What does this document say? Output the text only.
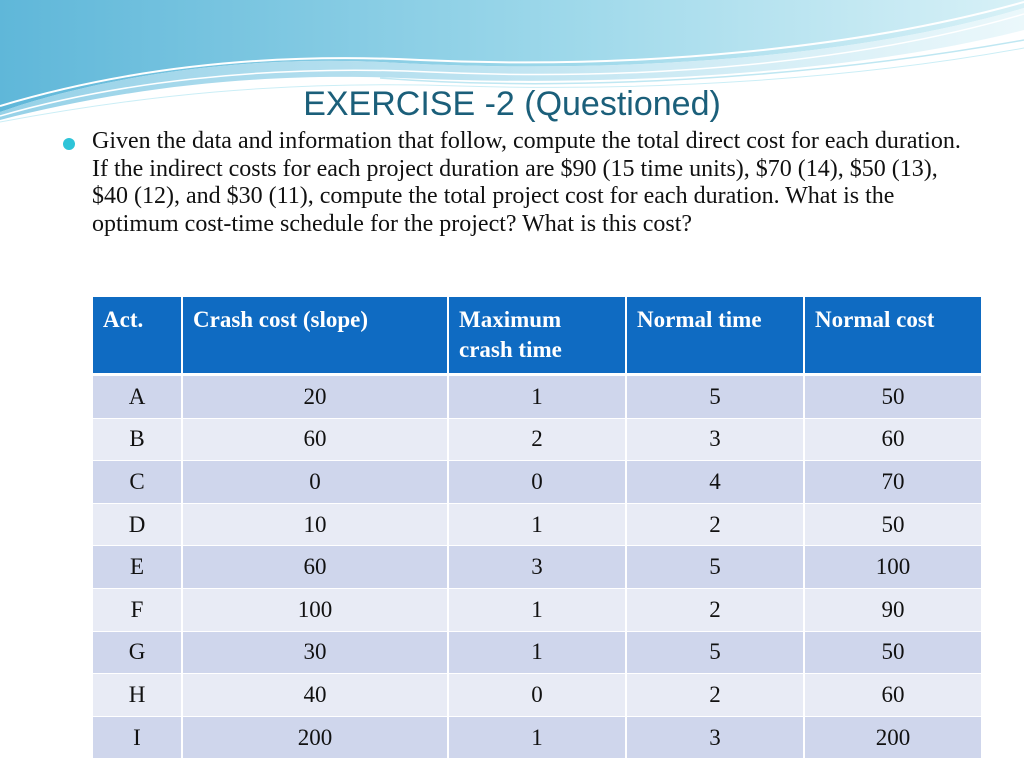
EXERCISE -2 (Questioned)
Given the data and information that follow, compute the total direct cost for each duration. If the indirect costs for each project duration are $90 (15 time units), $70 (14), $50 (13), $40 (12), and $30 (11), compute the total project cost for each duration. What is the optimum cost-time schedule for the project? What is this cost?
Act.	Crash cost (slope)	Maximum crash time	Normal time	Normal cost
A	20	1	5	50
B	60	2	3	60
C	0	0	4	70
D	10	1	2	50
E	60	3	5	100
F	100	1	2	90
G	30	1	5	50
H	40	0	2	60
I	200	1	3	200
